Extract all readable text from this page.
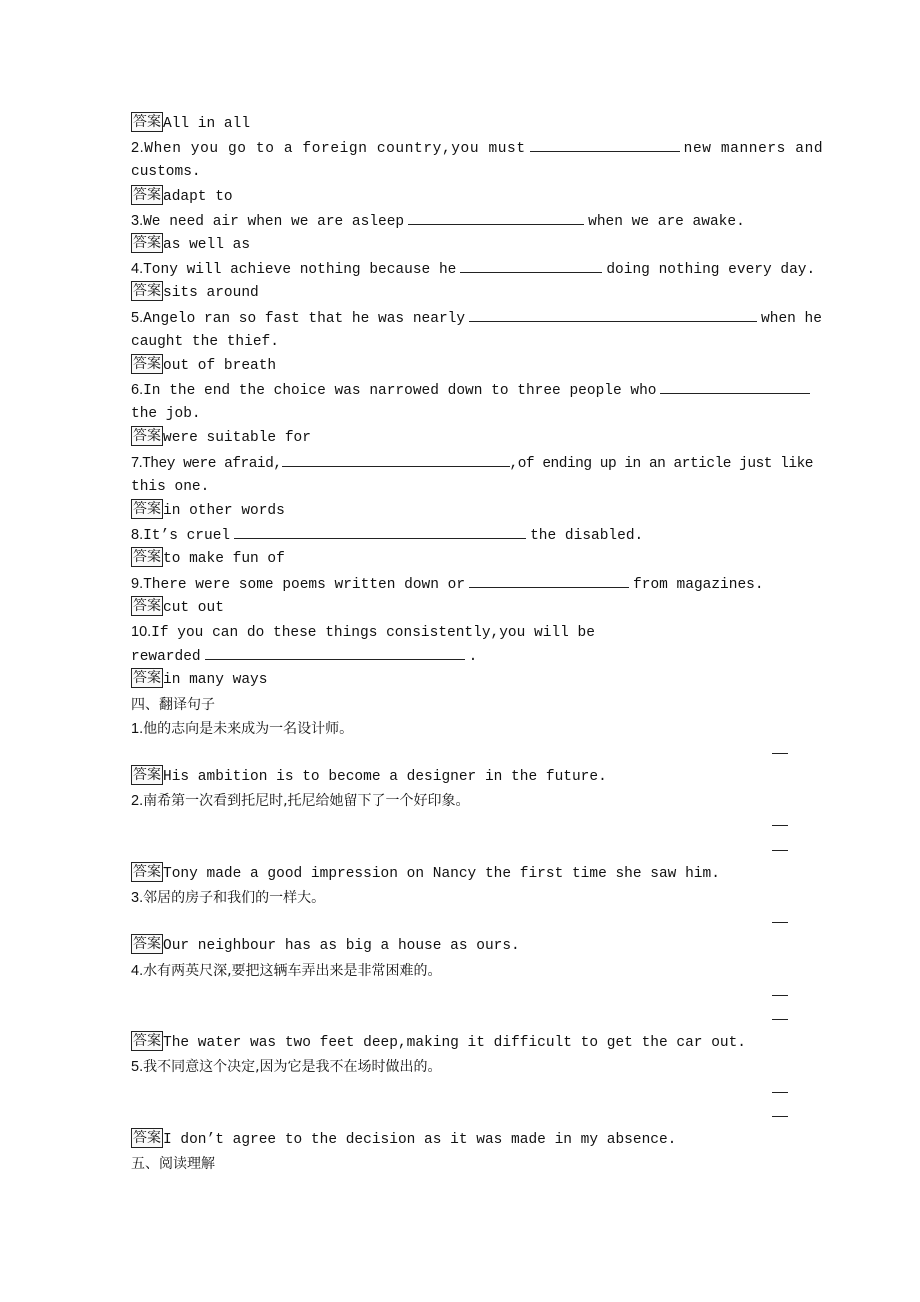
答案 All in all
2.When you go to a foreign country,you must	new manners and
customs.
答案 adapt to
3.We need air when we are asleep	when we are awake.
答案 as well as
4.Tony will achieve nothing because he	doing nothing every day.
答案 sits around
5.Angelo ran so fast that he was nearly	when he
caught the thief.
答案 out of breath
6.In the end the choice was narrowed down to three people who
the job.
答案 were suitable for
7.They were afraid,	,of ending up in an article just like
this one.
答案 in other words
8.It’s cruel	the disabled.
答案 to make fun of
9.There were some poems written down or	from magazines.
答案 cut out
10.If you can do these things consistently,you will be
rewarded	.
答案 in many ways
四、翻译句子
1.他的志向是未来成为一名设计师。
答案 His ambition is to become a designer in the future.
2.南希第一次看到托尼时,托尼给她留下了一个好印象。
答案 Tony made a good impression on Nancy the first time she saw him.
3.邻居的房子和我们的一样大。
答案 Our neighbour has as big a house as ours.
4.水有两英尺深,要把这辆车弄出来是非常困难的。
答案 The water was two feet deep,making it difficult to get the car out.
5.我不同意这个决定,因为它是我不在场时做出的。
答案 I don’t agree to the decision as it was made in my absence.
五、阅读理解
